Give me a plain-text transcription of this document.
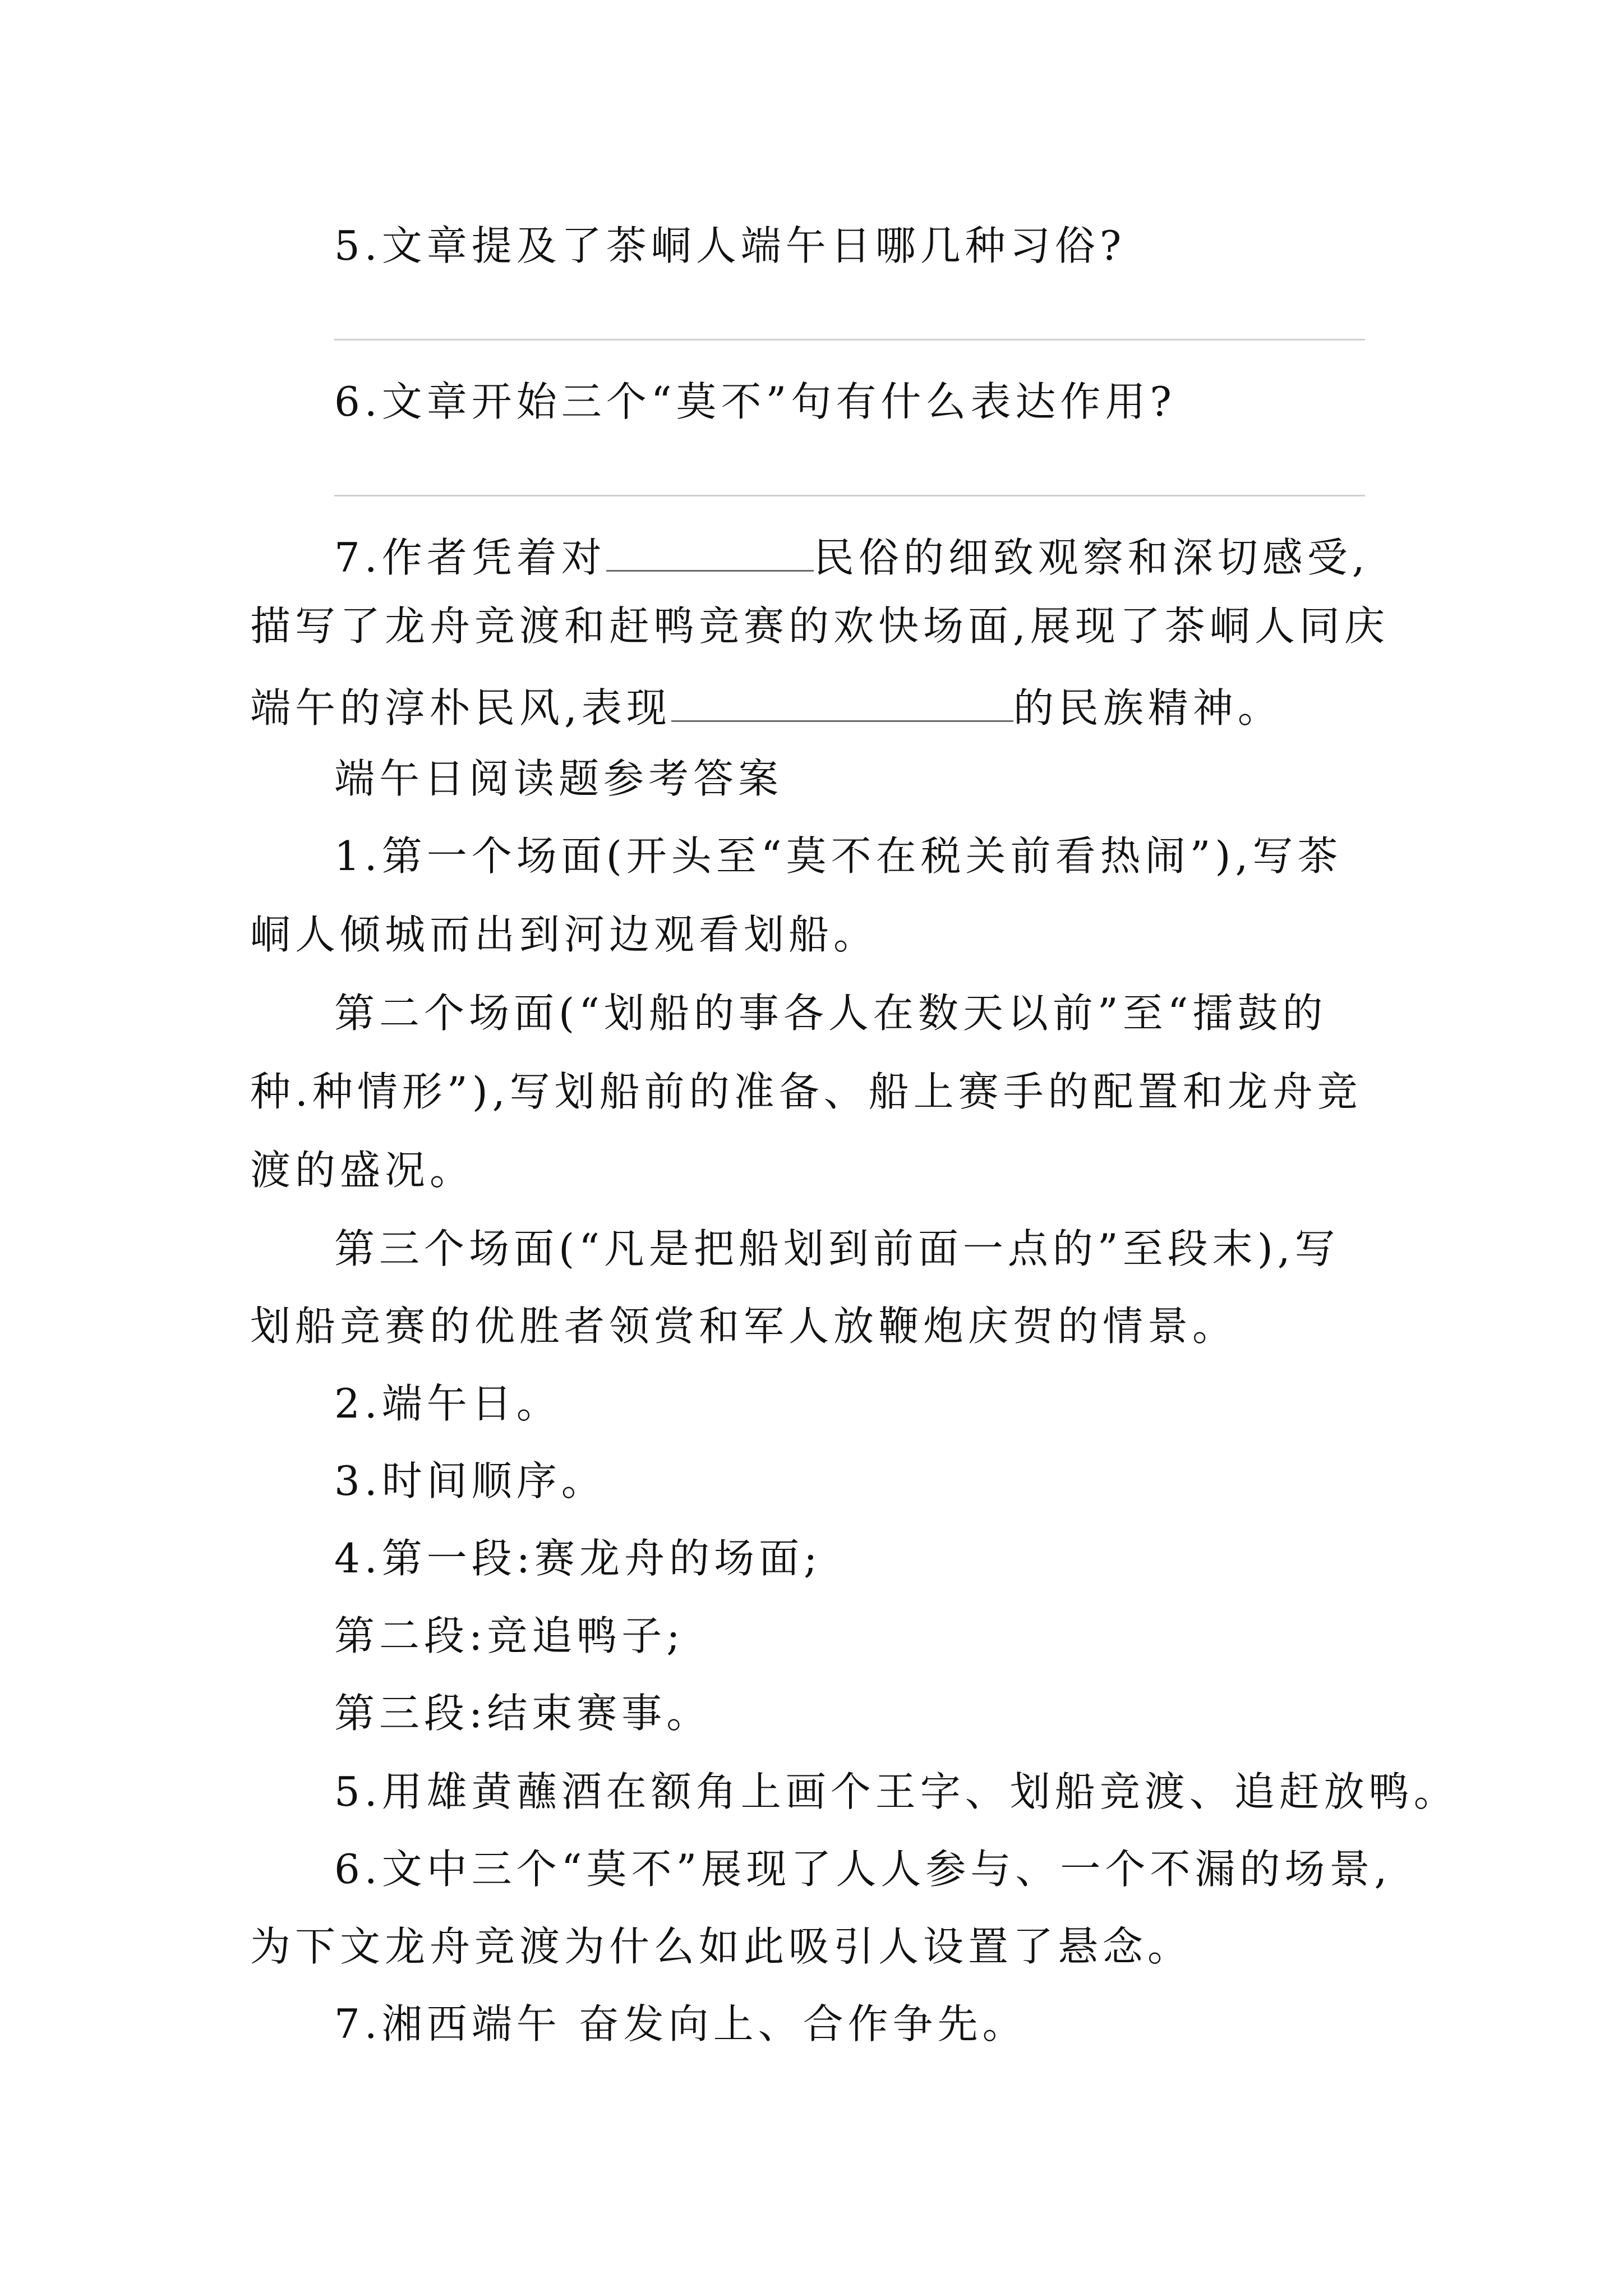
5.文章提及了茶峒人端午日哪几种习俗?
6.文章开始三个“莫不”句有什么表达作用?
7.作者凭着对	民俗的细致观察和深切感受,
描写了龙舟竞渡和赶鸭竞赛的欢快场面,展现了茶峒人同庆
端午的淳朴民风,表现	的民族精神。
端午日阅读题参考答案
1.第一个场面(开头至“莫不在税关前看热闹”),写茶
峒人倾城而出到河边观看划船。
第二个场面(“划船的事各人在数天以前”至“擂鼓的
种.种情形”),写划船前的准备、船上赛手的配置和龙舟竞
渡的盛况。
第三个场面(“凡是把船划到前面一点的”至段末),写
划船竞赛的优胜者领赏和军人放鞭炮庆贺的情景。
2.端午日。
3.时间顺序。
4.第一段:赛龙舟的场面;
第二段:竞追鸭子;
第三段:结束赛事。
5.用雄黄蘸酒在额角上画个王字、划船竞渡、追赶放鸭。
6.文中三个“莫不”展现了人人参与、一个不漏的场景,
为下文龙舟竞渡为什么如此吸引人设置了悬念。
7.湘西端午 奋发向上、合作争先。
